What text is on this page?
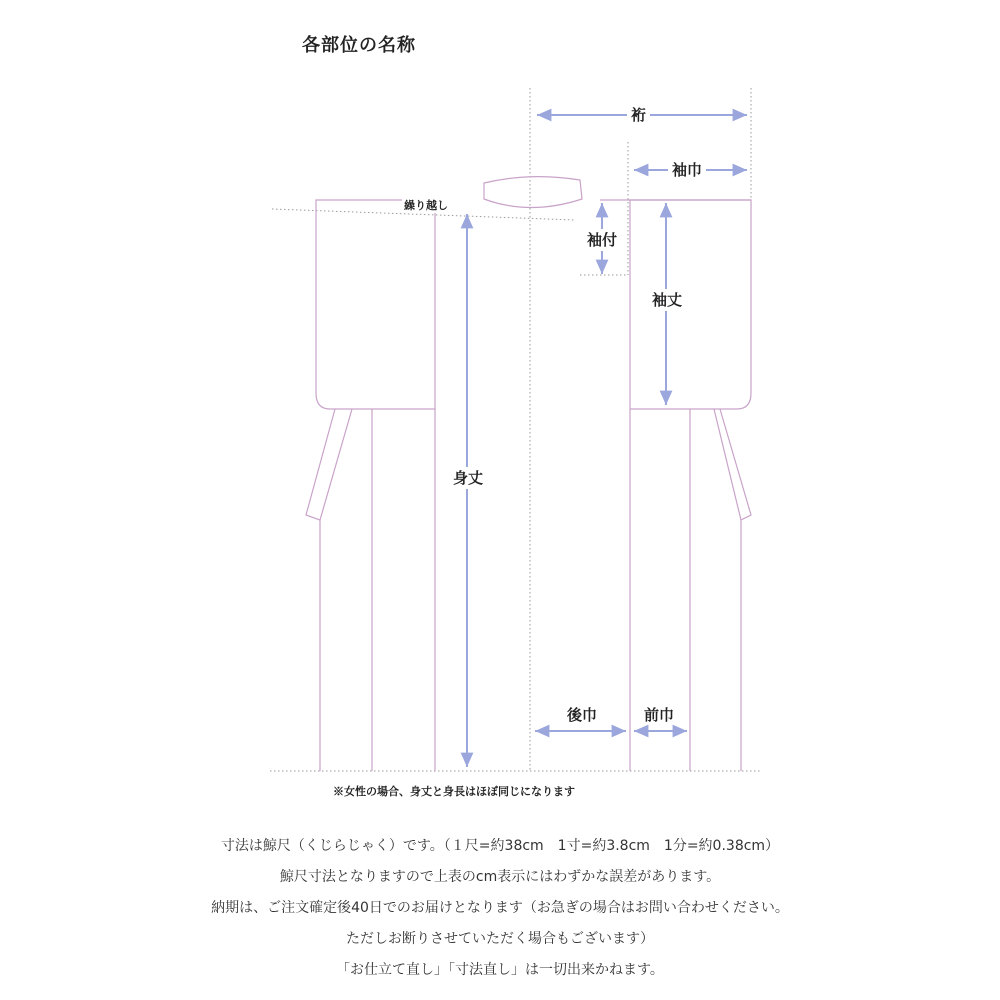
各部位の名称
裄
袖巾
繰り越し
袖付
袖丈
身丈
後巾	前巾

※女性の場合、身丈と身長はほぼ同じになります

寸法は鯨尺（くじらじゃく）です。（１尺=約38cm　1寸=約3.8cm　1分=約0.38cm）

鯨尺寸法となりますので上表のcm表示にはわずかな誤差があります。

納期は、ご注文確定後40日でのお届けとなります（お急ぎの場合はお問い合わせください。

ただしお断りさせていただく場合もございます）

「お仕立て直し」「寸法直し」は一切出来かねます。
